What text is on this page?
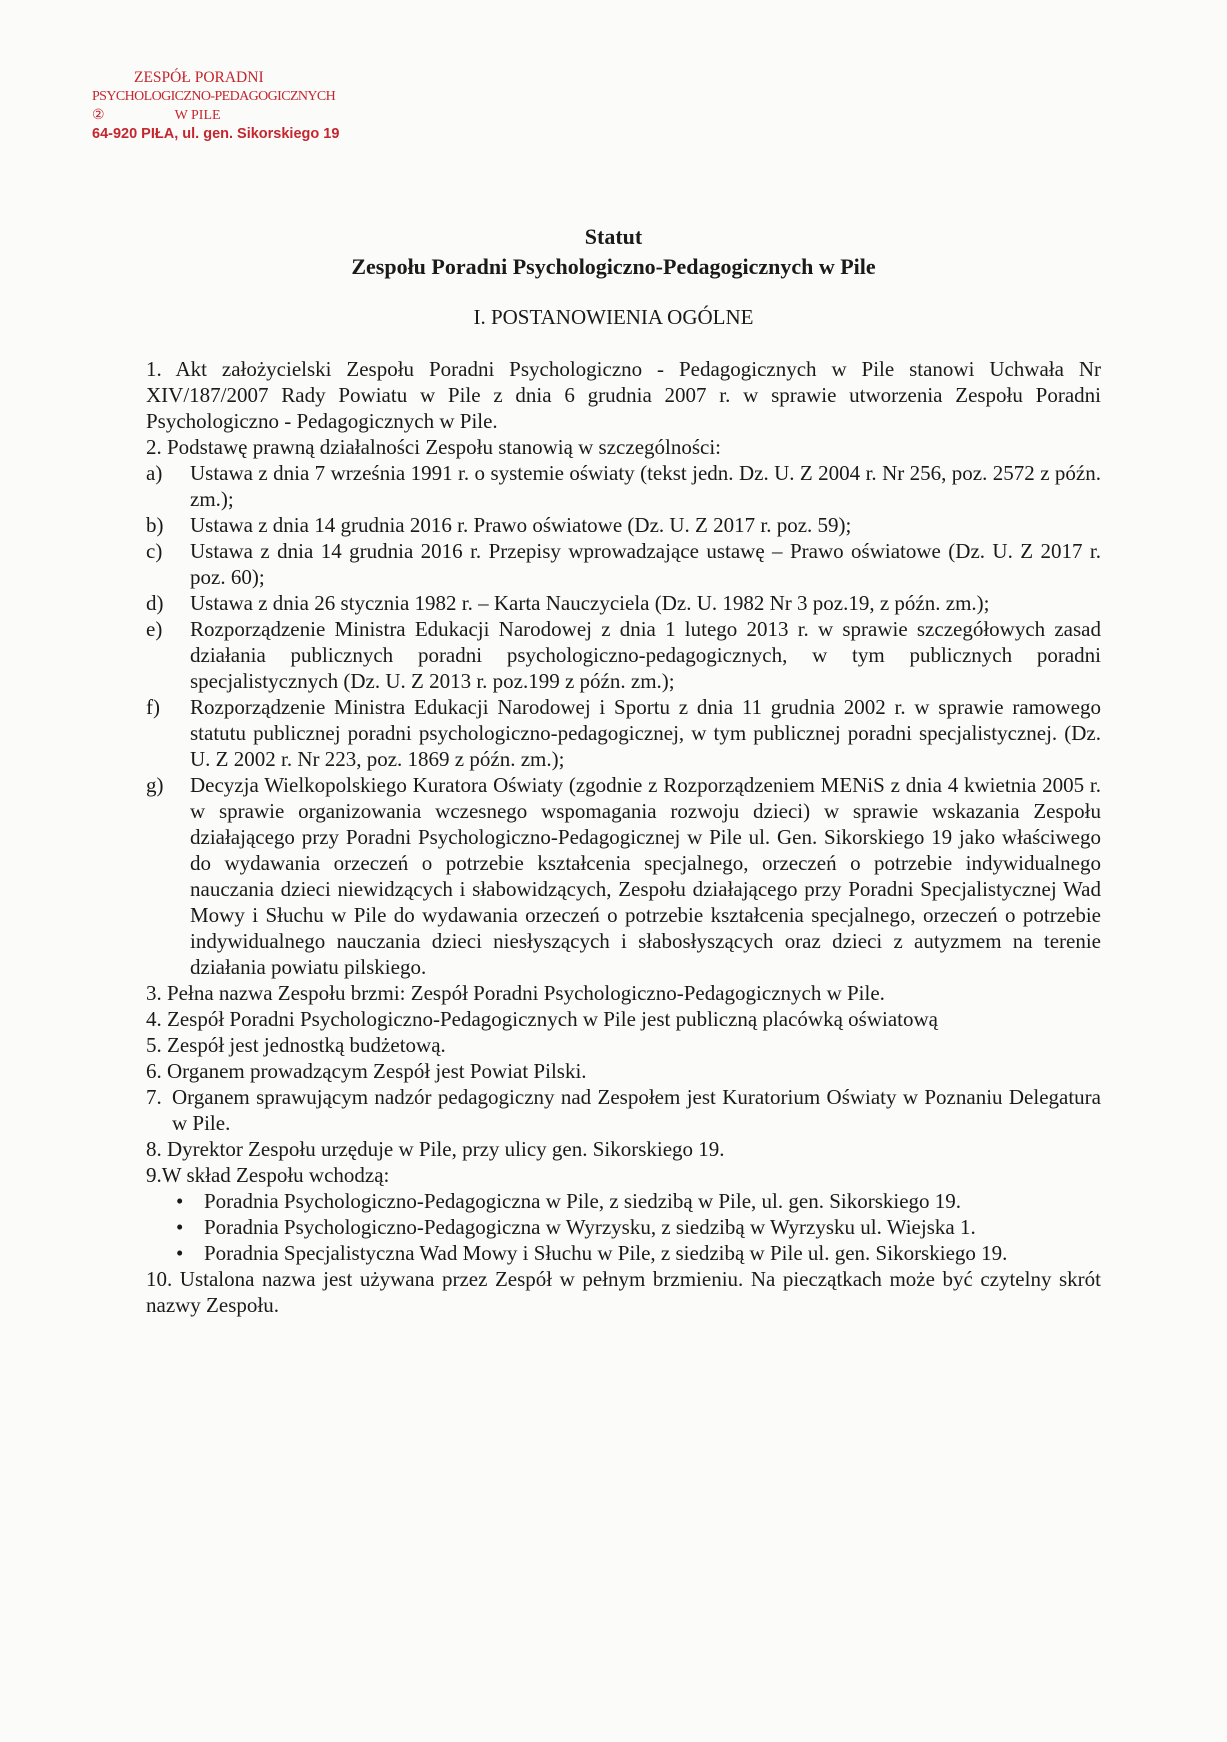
ZESPÓŁ PORADNI
PSYCHOLOGICZNO-PEDAGOGICZNYCH
②	W PILE
64-920 PIŁA, ul. gen. Sikorskiego 19
Statut
Zespołu Poradni Psychologiczno-Pedagogicznych w Pile
I. POSTANOWIENIA OGÓLNE

1. Akt założycielski Zespołu Poradni Psychologiczno - Pedagogicznych w Pile stanowi Uchwała Nr XIV/187/2007 Rady Powiatu w Pile z dnia 6 grudnia 2007 r. w sprawie utworzenia Zespołu Poradni Psychologiczno - Pedagogicznych w Pile.

2. Podstawę prawną działalności Zespołu stanowią w szczególności:

a) Ustawa z dnia 7 września 1991 r. o systemie oświaty (tekst jedn. Dz. U. Z 2004 r. Nr 256, poz. 2572 z późn. zm.);
b) Ustawa z dnia 14 grudnia 2016 r. Prawo oświatowe (Dz. U. Z 2017 r. poz. 59);
c) Ustawa z dnia 14 grudnia 2016 r. Przepisy wprowadzające ustawę – Prawo oświatowe (Dz. U. Z 2017 r. poz. 60);
d) Ustawa z dnia 26 stycznia 1982 r. – Karta Nauczyciela (Dz. U. 1982 Nr 3 poz.19, z późn. zm.);
e) Rozporządzenie Ministra Edukacji Narodowej z dnia 1 lutego 2013 r. w sprawie szczegółowych zasad działania publicznych poradni psychologiczno-pedagogicznych, w tym publicznych poradni specjalistycznych (Dz. U. Z 2013 r. poz.199 z późn. zm.);
f) Rozporządzenie Ministra Edukacji Narodowej i Sportu z dnia 11 grudnia 2002 r. w sprawie ramowego statutu publicznej poradni psychologiczno-pedagogicznej, w tym publicznej poradni specjalistycznej. (Dz. U. Z 2002 r. Nr 223, poz. 1869 z późn. zm.);
g) Decyzja Wielkopolskiego Kuratora Oświaty (zgodnie z Rozporządzeniem MENiS z dnia 4 kwietnia 2005 r. w sprawie organizowania wczesnego wspomagania rozwoju dzieci) w sprawie wskazania Zespołu działającego przy Poradni Psychologiczno-Pedagogicznej w Pile ul. Gen. Sikorskiego 19 jako właściwego do wydawania orzeczeń o potrzebie kształcenia specjalnego, orzeczeń o potrzebie indywidualnego nauczania dzieci niewidzących i słabowidzących, Zespołu działającego przy Poradni Specjalistycznej Wad Mowy i Słuchu w Pile do wydawania orzeczeń o potrzebie kształcenia specjalnego, orzeczeń o potrzebie indywidualnego nauczania dzieci niesłyszących i słabosłyszących oraz dzieci z autyzmem na terenie działania powiatu pilskiego.

3. Pełna nazwa Zespołu brzmi: Zespół Poradni Psychologiczno-Pedagogicznych w Pile.

4. Zespół Poradni Psychologiczno-Pedagogicznych w Pile jest publiczną placówką oświatową

5. Zespół jest jednostką budżetową.

6. Organem prowadzącym Zespół jest Powiat Pilski.

7. Organem sprawującym nadzór pedagogiczny nad Zespołem jest Kuratorium Oświaty w Poznaniu Delegatura w Pile.

8. Dyrektor Zespołu urzęduje w Pile, przy ulicy gen. Sikorskiego 19.

9.W skład Zespołu wchodzą:

• Poradnia Psychologiczno-Pedagogiczna w Pile, z siedzibą w Pile, ul. gen. Sikorskiego 19.
• Poradnia Psychologiczno-Pedagogiczna w Wyrzysku, z siedzibą w Wyrzysku ul. Wiejska 1.
• Poradnia Specjalistyczna Wad Mowy i Słuchu w Pile, z siedzibą w Pile ul. gen. Sikorskiego 19.

10. Ustalona nazwa jest używana przez Zespół w pełnym brzmieniu. Na pieczątkach może być czytelny skrót nazwy Zespołu.
